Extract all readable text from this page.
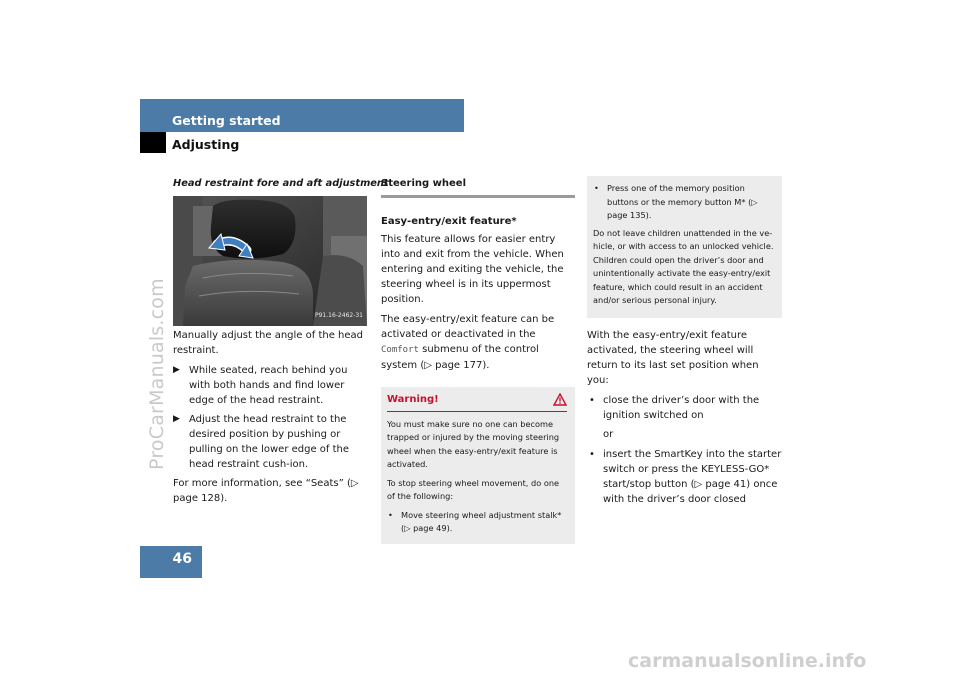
Getting started
Adjusting
ProCarManuals.com
Head restraint fore and aft adjustment
P91.16-2462-31

Manually adjust the angle of the head restraint.

▶ While seated, reach behind you with both hands and find lower edge of the head restraint.
▶ Adjust the head restraint to the desired position by pushing or pulling on the lower edge of the head restraint cush-ion.

For more information, see “Seats” (▷ page 128).

Steering wheel
Easy-entry/exit feature*

This feature allows for easier entry into and exit from the vehicle. When entering and exiting the vehicle, the steering wheel is in its uppermost position.

The easy-entry/exit feature can be activated or deactivated in the Comfort submenu of the control system (▷ page 177).

Warning!

You must make sure no one can become trapped or injured by the moving steering wheel when the easy-entry/exit feature is activated.

To stop steering wheel movement, do one of the following:

• Move steering wheel adjustment stalk* (▷ page 49).
• Press one of the memory position buttons or the memory button M* (▷ page 135).

Do not leave children unattended in the ve-hicle, or with access to an unlocked vehicle. Children could open the driver’s door and unintentionally activate the easy-entry/exit feature, which could result in an accident and/or serious personal injury.

With the easy-entry/exit feature activated, the steering wheel will return to its last set position when you:

• close the driver’s door with the ignition switched on
or
• insert the SmartKey into the starter switch or press the KEYLESS-GO* start/stop button (▷ page 41) once with the driver’s door closed
46
carmanualsonline.info
